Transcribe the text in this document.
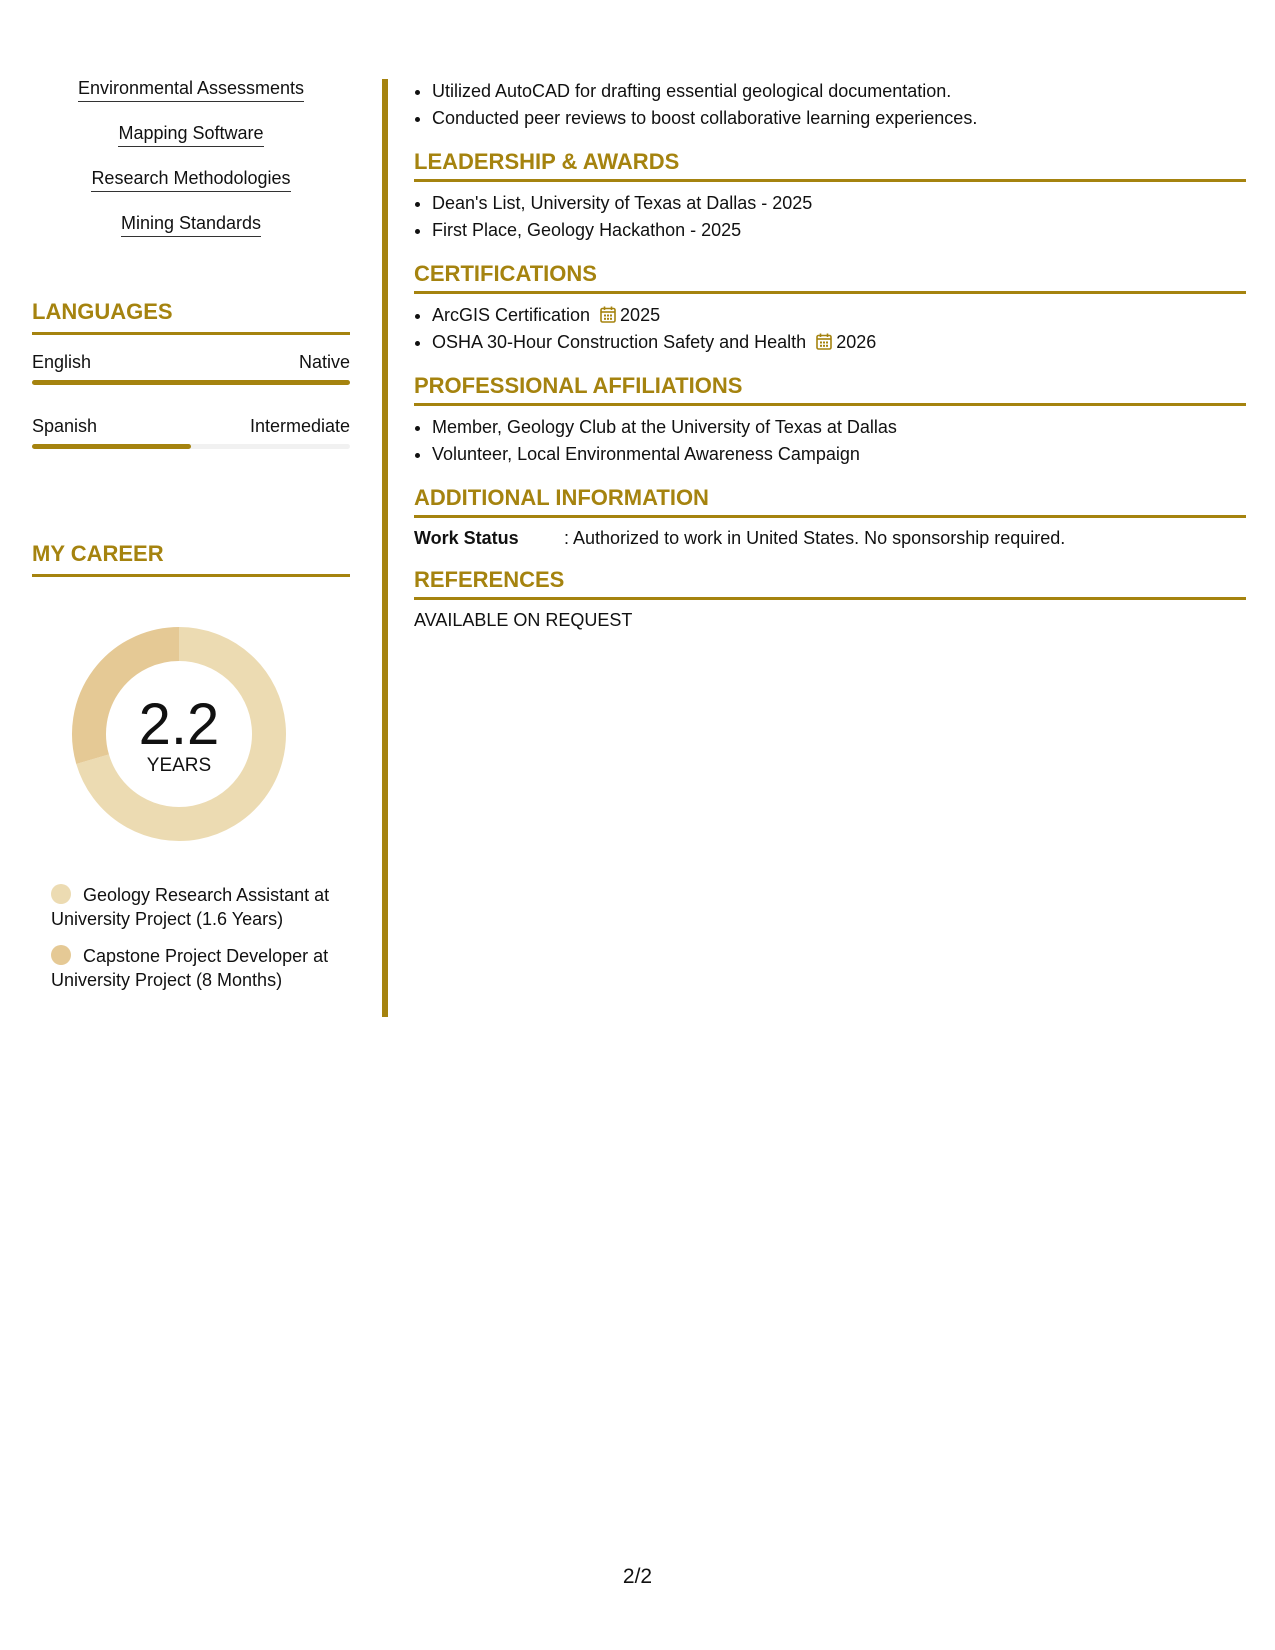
Environmental Assessments
Mapping Software
Research Methodologies
Mining Standards
LANGUAGES
English	Native
Spanish	Intermediate
MY CAREER
2.2
YEARS
Geology Research Assistant at University Project (1.6 Years)
Capstone Project Developer at University Project (8 Months)
• Utilized AutoCAD for drafting essential geological documentation.
• Conducted peer reviews to boost collaborative learning experiences.
LEADERSHIP & AWARDS
• Dean's List, University of Texas at Dallas - 2025
• First Place, Geology Hackathon - 2025
CERTIFICATIONS
• ArcGIS Certification 2025
• OSHA 30-Hour Construction Safety and Health 2026
PROFESSIONAL AFFILIATIONS
• Member, Geology Club at the University of Texas at Dallas
• Volunteer, Local Environmental Awareness Campaign
ADDITIONAL INFORMATION
Work Status	: Authorized to work in United States. No sponsorship required.
REFERENCES
AVAILABLE ON REQUEST
2/2
